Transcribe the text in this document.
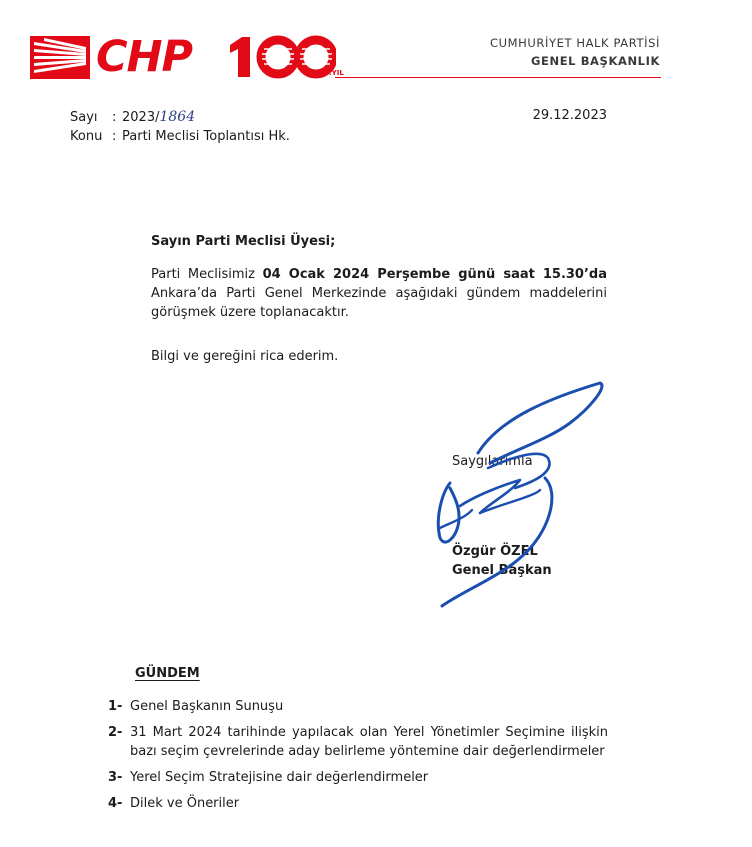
CHP	.YIL
CUMHURİYET HALK PARTİSİ
GENEL BAŞKANLIK
Sayı	: 2023/ 1864
Konu : Parti Meclisi Toplantısı Hk.
29.12.2023
Sayın Parti Meclisi Üyesi;
Parti Meclisimiz 04 Ocak 2024 Perşembe günü saat 15.30’da Ankara’da Parti Genel Merkezinde aşağıdaki gündem maddelerini görüşmek üzere toplanacaktır.
Bilgi ve gereğini rica ederim.
Saygılarımla
Özgür ÖZEL
Genel Başkan
GÜNDEM
1- Genel Başkanın Sunuşu
2- 31 Mart 2024 tarihinde yapılacak olan Yerel Yönetimler Seçimine ilişkin bazı seçim çevrelerinde aday belirleme yöntemine dair değerlendirmeler
3- Yerel Seçim Stratejisine dair değerlendirmeler
4- Dilek ve Öneriler
